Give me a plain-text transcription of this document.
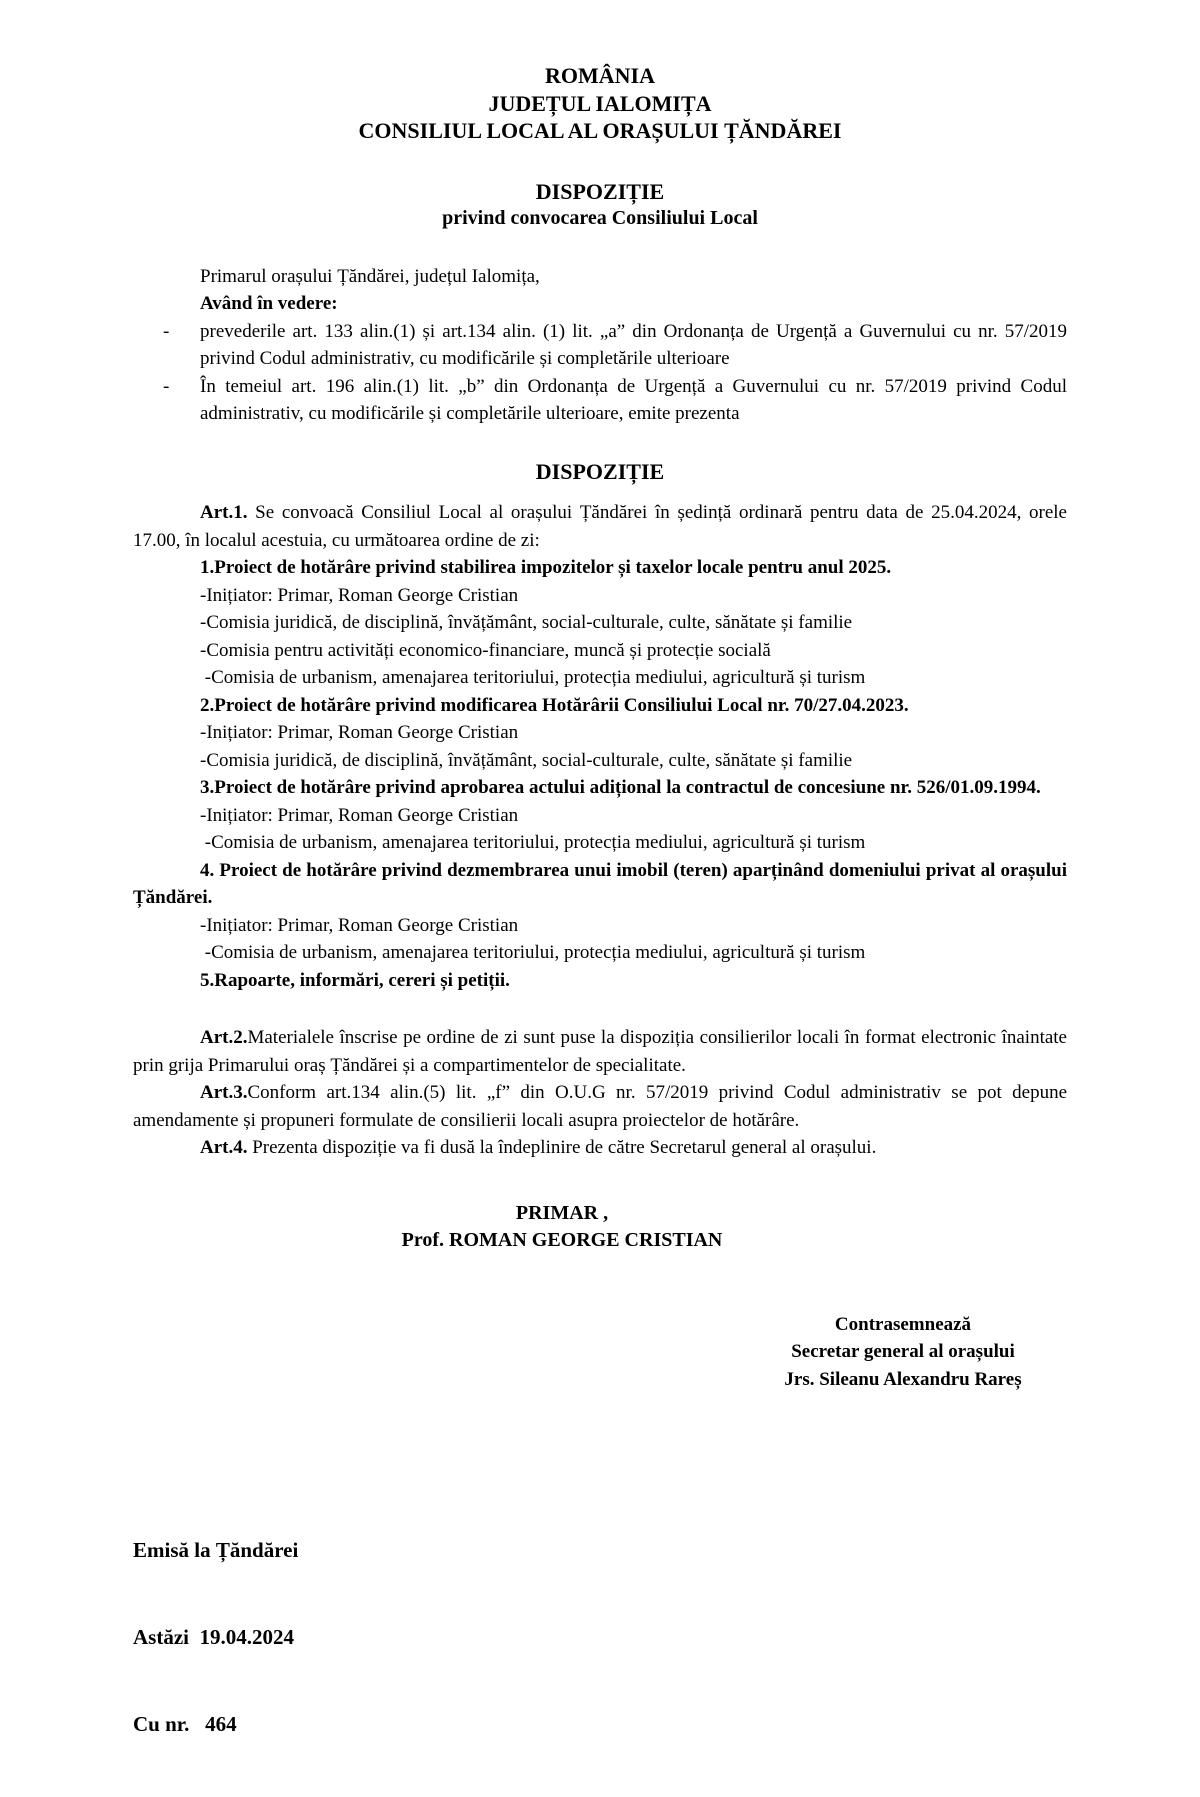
ROMÂNIA
JUDEȚUL IALOMIȚA
CONSILIUL LOCAL AL ORAȘULUI ȚĂNDĂREI
DISPOZIȚIE
privind convocarea Consiliului Local
Primarul orașului Țăndărei, județul Ialomița,
Având în vedere:
- prevederile art. 133 alin.(1) și art.134 alin. (1) lit. „a” din Ordonanța de Urgență a Guvernului cu nr. 57/2019 privind Codul administrativ, cu modificările și completările ulterioare
- În temeiul art. 196 alin.(1) lit. „b” din Ordonanța de Urgență a Guvernului cu nr. 57/2019 privind Codul administrativ, cu modificările și completările ulterioare, emite prezenta
DISPOZIȚIE
Art.1. Se convoacă Consiliul Local al orașului Țăndărei în ședință ordinară pentru data de 25.04.2024, orele 17.00, în localul acestuia, cu următoarea ordine de zi:
1.Proiect de hotărâre privind stabilirea impozitelor și taxelor locale pentru anul 2025.
-Inițiator: Primar, Roman George Cristian
-Comisia juridică, de disciplină, învățământ, social-culturale, culte, sănătate și familie
-Comisia pentru activități economico-financiare, muncă și protecție socială
-Comisia de urbanism, amenajarea teritoriului, protecția mediului, agricultură și turism
2.Proiect de hotărâre privind modificarea Hotărârii Consiliului Local nr. 70/27.04.2023.
-Inițiator: Primar, Roman George Cristian
-Comisia juridică, de disciplină, învățământ, social-culturale, culte, sănătate și familie
3.Proiect de hotărâre privind aprobarea actului adițional la contractul de concesiune nr. 526/01.09.1994.
-Inițiator: Primar, Roman George Cristian
-Comisia de urbanism, amenajarea teritoriului, protecția mediului, agricultură și turism
4. Proiect de hotărâre privind dezmembrarea unui imobil (teren) aparținând domeniului privat al orașului Țăndărei.
-Inițiator: Primar, Roman George Cristian
-Comisia de urbanism, amenajarea teritoriului, protecția mediului, agricultură și turism
5.Rapoarte, informări, cereri și petiții.
Art.2.Materialele înscrise pe ordine de zi sunt puse la dispoziția consilierilor locali în format electronic înaintate prin grija Primarului oraș Țăndărei și a compartimentelor de specialitate.
Art.3.Conform art.134 alin.(5) lit. „f” din O.U.G nr. 57/2019 privind Codul administrativ se pot depune amendamente și propuneri formulate de consilierii locali asupra proiectelor de hotărâre.
Art.4. Prezenta dispoziție va fi dusă la îndeplinire de către Secretarul general al orașului.
PRIMAR ,
Prof. ROMAN GEORGE CRISTIAN
Contrasemnează
Secretar general al orașului
Jrs. Sileanu Alexandru Rareș

Emisă la Țăndărei

Astăzi  19.04.2024

Cu nr.   464
